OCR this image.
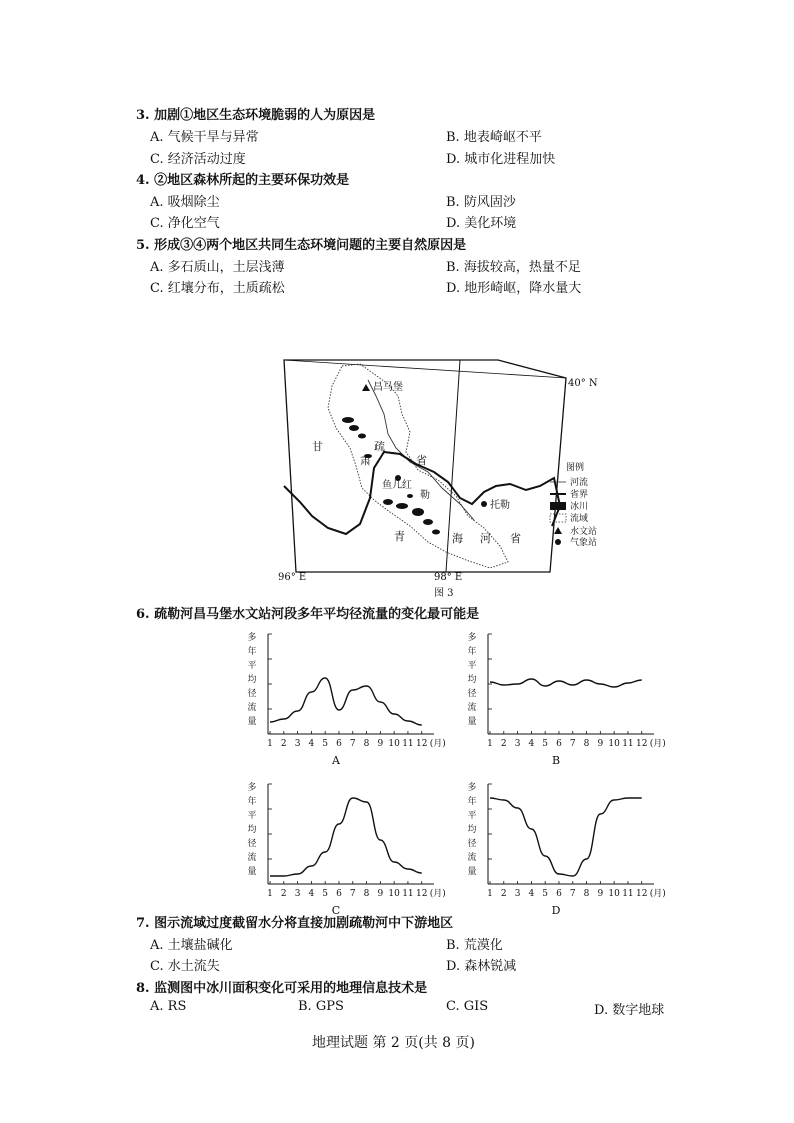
3. 加剧①地区生态环境脆弱的人为原因是
A. 气候干旱与异常	B. 地表崎岖不平
C. 经济活动过度	D. 城市化进程加快
4. ②地区森林所起的主要环保功效是
A. 吸烟除尘	B. 防风固沙
C. 净化空气	D. 美化环境
5. 形成③④两个地区共同生态环境问题的主要自然原因是
A. 多石质山，土层浅薄	B. 海拔较高，热量不足
C. 红壤分布，土质疏松	D. 地形崎岖，降水量大
昌马堡	40° N
甘	疏
肃	省
鱼儿红
勒
托勒
青	海 河 省
96° E	98° E
图 3
图例
河流
省界
冰川
流域
水文站
气象站
6. 疏勒河昌马堡水文站河段多年平均径流量的变化最可能是
多
年
平
均
径
流
量
1 2 3 4 5 6 7 8 9 10 11 12 (月)
A
多
年
平
均
径
流
量
1 2 3 4 5 6 7 8 9 10 11 12 (月)
B
多
年
平
均
径
流
量
1 2 3 4 5 6 7 8 9 10 11 12 (月)
C
多
年
平
均
径
流
量
1 2 3 4 5 6 7 8 9 10 11 12 (月)
D
7. 图示流域过度截留水分将直接加剧疏勒河中下游地区
A. 土壤盐碱化	B. 荒漠化
C. 水土流失	D. 森林锐减
8. 监测图中冰川面积变化可采用的地理信息技术是
A. RS	B. GPS	C. GIS	D. 数字地球
地理试题 第 2 页(共 8 页)
